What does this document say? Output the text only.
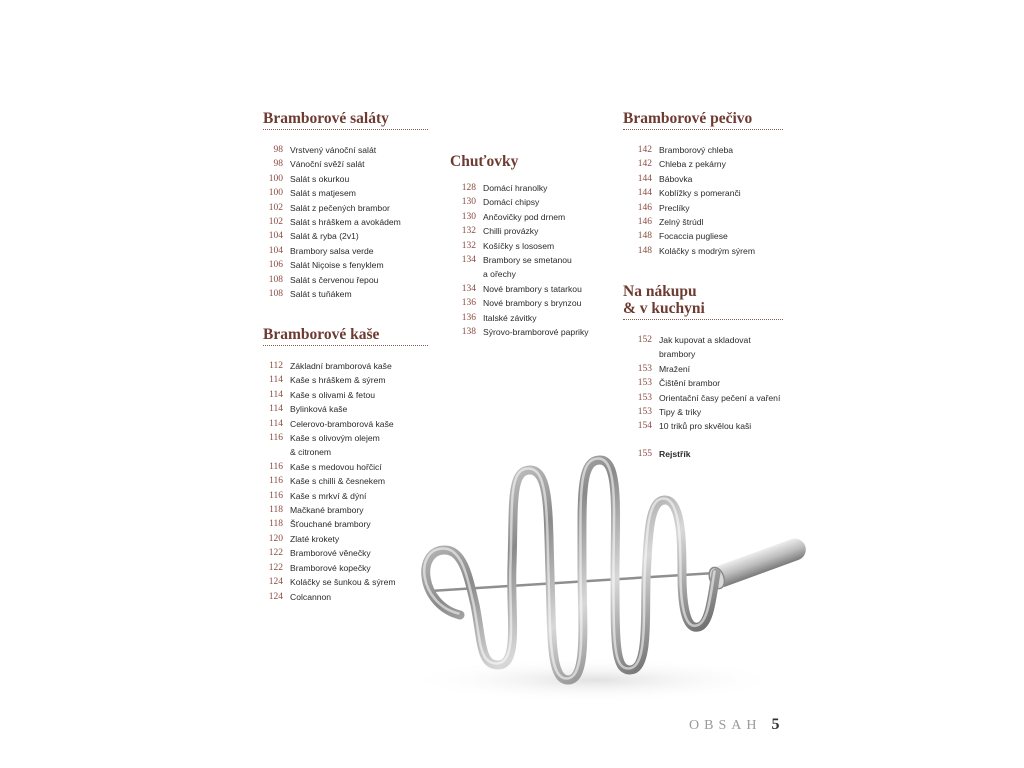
Bramborové saláty
98 Vrstvený vánoční salát
98 Vánoční svěží salát
100 Salát s okurkou
100 Salát s matjesem
102 Salát z pečených brambor
102 Salát s hráškem a avokádem
104 Salát & ryba (2v1)
104 Brambory salsa verde
106 Salát Niçoise s fenyklem
108 Salát s červenou řepou
108 Salát s tuňákem
Bramborové kaše
112 Základní bramborová kaše
114 Kaše s hráškem & sýrem
114 Kaše s olivami & fetou
114 Bylinková kaše
114 Celerovo-bramborová kaše
116 Kaše s olivovým olejem
& citronem
116 Kaše s medovou hořčicí
116 Kaše s chilli & česnekem
116 Kaše s mrkví & dýní
118 Mačkané brambory
118 Šťouchané brambory
120 Zlaté krokety
122 Bramborové věnečky
122 Bramborové kopečky
124 Koláčky se šunkou & sýrem
124 Colcannon
Chuťovky
128 Domácí hranolky
130 Domácí chipsy
130 Ančovičky pod drnem
132 Chilli provázky
132 Košíčky s lososem
134 Brambory se smetanou
a ořechy
134 Nové brambory s tatarkou
136 Nové brambory s brynzou
136 Italské závitky
138 Sýrovo-bramborové papriky
Bramborové pečivo
142 Bramborový chleba
142 Chleba z pekárny
144 Bábovka
144 Koblížky s pomeranči
146 Preclíky
146 Zelný štrúdl
148 Focaccia pugliese
148 Koláčky s modrým sýrem
Na nákupu
& v kuchyni
152 Jak kupovat a skladovat
brambory
153 Mražení
153 Čištění brambor
153 Orientační časy pečení a vaření
153 Tipy & triky
154 10 triků pro skvělou kaši
155 Rejstřík
OBSAH 5
